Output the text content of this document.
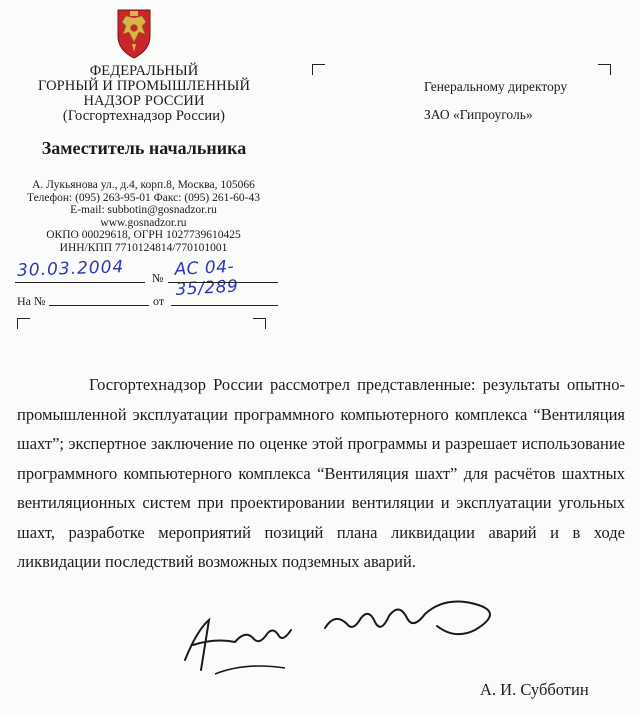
ФЕДЕРАЛЬНЫЙ
ГОРНЫЙ И ПРОМЫШЛЕННЫЙ
НАДЗОР РОССИИ
(Госгортехнадзор России)
Заместитель начальника
А. Лукьянова ул., д.4, корп.8, Москва, 105066
Телефон: (095) 263-95-01 Факс: (095) 261-60-43
E-mail: subbotin@gosnadzor.ru
www.gosnadzor.ru
ОКПО 00029618, ОГРН 1027739610425
ИНН/КПП 7710124814/770101001
30.03.2004 № АС 04-35/289
На №	от
Генеральному директору
ЗАО «Гипроуголь»
Госгортехнадзор России рассмотрел представленные: результаты опытно-промышленной эксплуатации программного компьютерного комплекса “Вентиляция шахт”; экспертное заключение по оценке этой программы и разрешает использование программного компьютерного комплекса “Вентиляция шахт” для расчётов шахтных вентиляционных систем при проектировании вентиляции и эксплуатации угольных шахт, разработке мероприятий позиций плана ликвидации аварий и в ходе ликвидации последствий возможных подземных аварий.
А. И. Субботин
